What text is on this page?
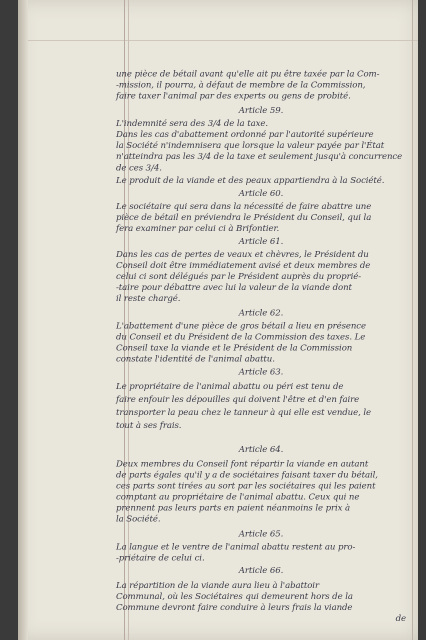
une pièce de bétail avant qu'elle ait pu être taxée par la Com-
-mission, il pourra, à défaut de membre de la Commission,
faire taxer l'animal par des experts ou gens de probité.
Article 59.
L'indemnité sera des 3/4 de la taxe.
Dans les cas d'abattement ordonné par l'autorité supérieure
la Société n'indemnisera que lorsque la valeur payée par l'État
n'atteindra pas les 3/4 de la taxe et seulement jusqu'à concurrence
de ces 3/4.
Le produit de la viande et des peaux appartiendra à la Société.
Article 60.
Le sociétaire qui sera dans la nécessité de faire abattre une
pièce de bétail en préviendra le Président du Conseil, qui la
fera examiner par celui ci à Brifontier.
Article 61.
Dans les cas de pertes de veaux et chèvres, le Président du
Conseil doit être immédiatement avisé et deux membres de
celui ci sont délégués par le Président auprès du proprié-
-taire pour débattre avec lui la valeur de la viande dont
il reste chargé.
Article 62.
L'abattement d'une pièce de gros bétail a lieu en présence
du Conseil et du Président de la Commission des taxes. Le
Conseil taxe la viande et le Président de la Commission
constate l'identité de l'animal abattu.
Article 63.
Le propriétaire de l'animal abattu ou péri est tenu de
faire enfouir les dépouilles qui doivent l'être et d'en faire
transporter la peau chez le tanneur à qui elle est vendue, le
tout à ses frais.
Article 64.
Deux membres du Conseil font répartir la viande en autant
de parts égales qu'il y a de sociétaires faisant taxer du bétail,
ces parts sont tirées au sort par les sociétaires qui les paient
comptant au propriétaire de l'animal abattu. Ceux qui ne
prennent pas leurs parts en paient néanmoins le prix à
la Société.
Article 65.
La langue et le ventre de l'animal abattu restent au pro-
-priétaire de celui ci.
Article 66.
La répartition de la viande aura lieu à l'abattoir
Communal, où les Sociétaires qui demeurent hors de la
Commune devront faire conduire à leurs frais la viande
de
